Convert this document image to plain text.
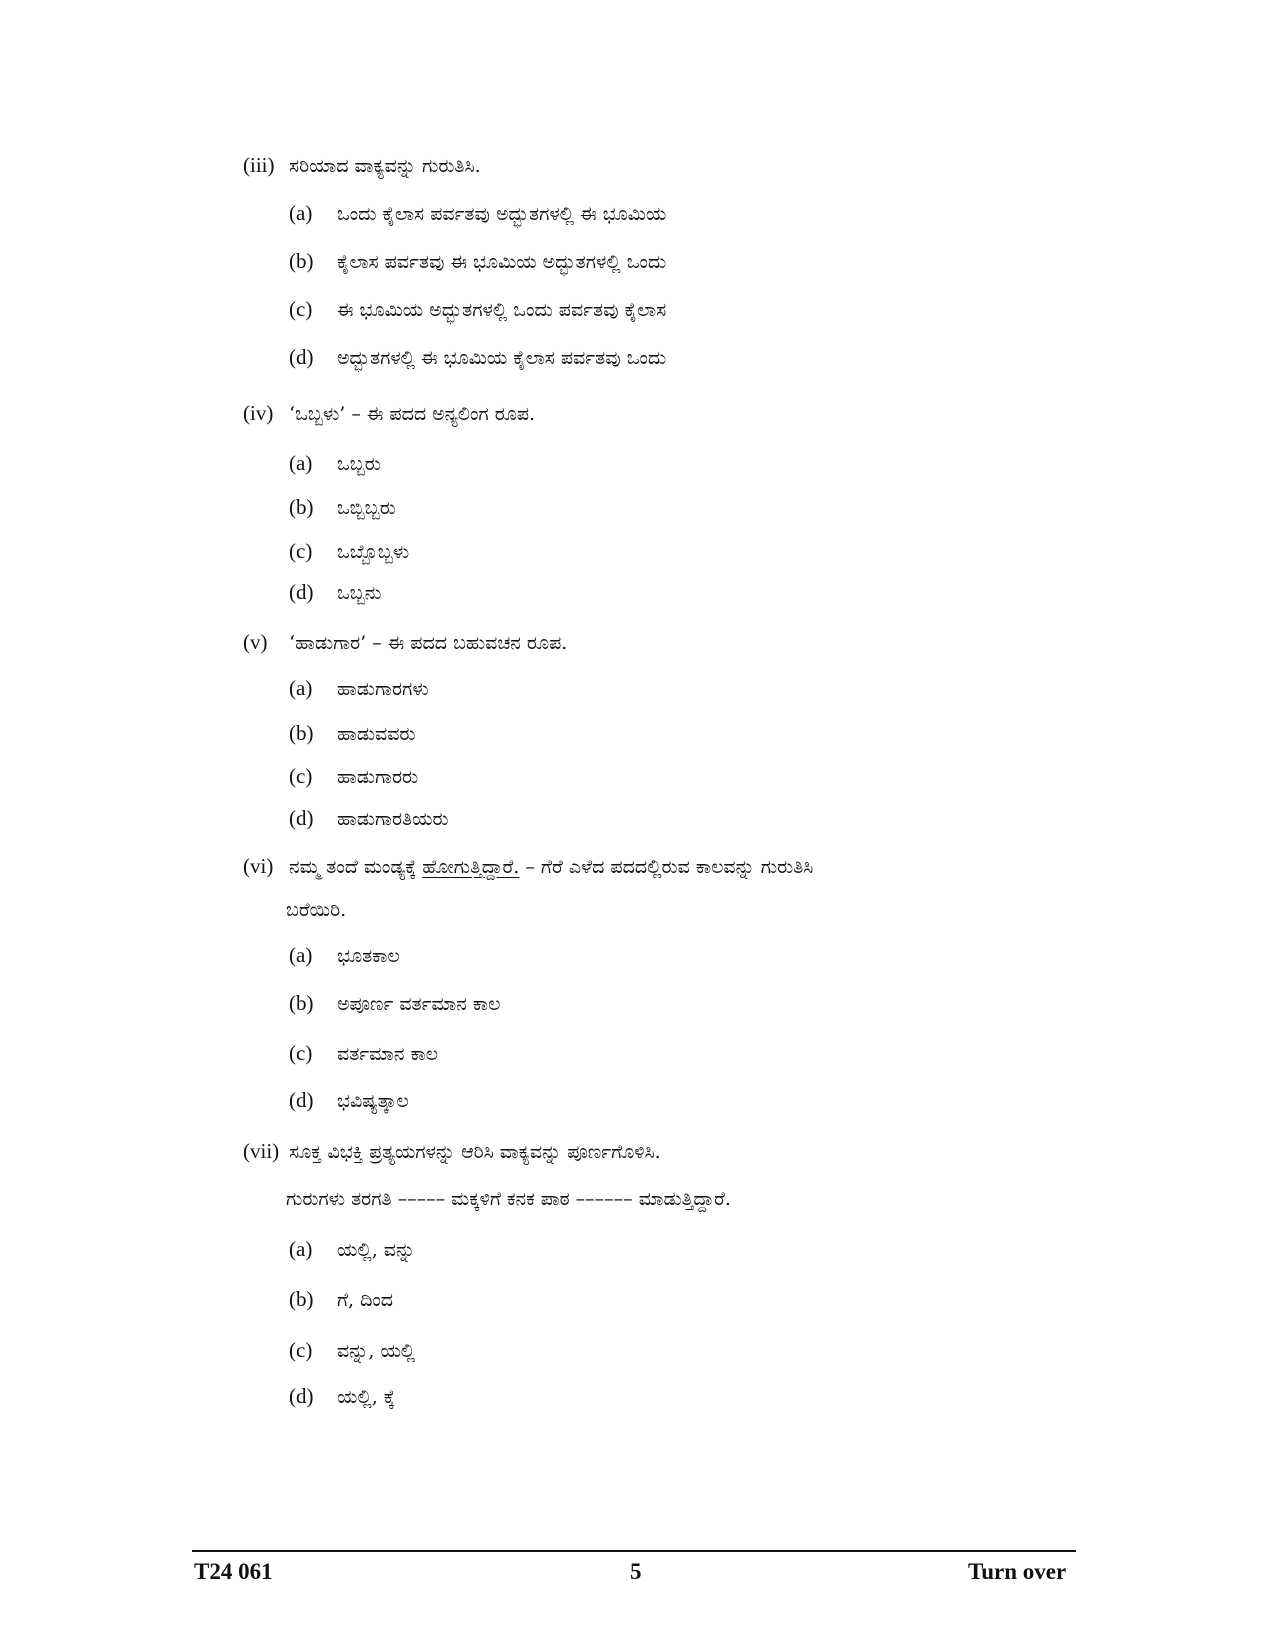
(iii) ಸರಿಯಾದ ವಾಕ್ಯವನ್ನು ಗುರುತಿಸಿ.
(a) ಒಂದು ಕೈಲಾಸ ಪರ್ವತವು ಅದ್ಭುತಗಳಲ್ಲಿ ಈ ಭೂಮಿಯ
(b) ಕೈಲಾಸ ಪರ್ವತವು ಈ ಭೂಮಿಯ ಅದ್ಭುತಗಳಲ್ಲಿ ಒಂದು
(c) ಈ ಭೂಮಿಯ ಅದ್ಭುತಗಳಲ್ಲಿ ಒಂದು ಪರ್ವತವು ಕೈಲಾಸ
(d) ಅದ್ಭುತಗಳಲ್ಲಿ ಈ ಭೂಮಿಯ ಕೈಲಾಸ ಪರ್ವತವು ಒಂದು
(iv) ‘ಒಬ್ಬಳು’ – ಈ ಪದದ ಅನ್ಯಲಿಂಗ ರೂಪ.
(a) ಒಬ್ಬರು
(b) ಒಬ್ಬಿಬ್ಬರು
(c) ಒಬ್ಬೊಬ್ಬಳು
(d) ಒಬ್ಬನು
(v) ‘ಹಾಡುಗಾರ’ – ಈ ಪದದ ಬಹುವಚನ ರೂಪ.
(a) ಹಾಡುಗಾರಗಳು
(b) ಹಾಡುವವರು
(c) ಹಾಡುಗಾರರು
(d) ಹಾಡುಗಾರತಿಯರು
(vi) ನಮ್ಮ ತಂದೆ ಮಂಡ್ಯಕ್ಕೆ ಹೋಗುತ್ತಿದ್ದಾರೆ. – ಗೆರೆ ಎಳೆದ ಪದದಲ್ಲಿರುವ ಕಾಲವನ್ನು ಗುರುತಿಸಿ
ಬರೆಯಿರಿ.
(a) ಭೂತಕಾಲ
(b) ಅಪೂರ್ಣ ವರ್ತಮಾನ ಕಾಲ
(c) ವರ್ತಮಾನ ಕಾಲ
(d) ಭವಿಷ್ಯತ್ಕಾಲ
(vii) ಸೂಕ್ತ ವಿಭಕ್ತಿ ಪ್ರತ್ಯಯಗಳನ್ನು ಆರಿಸಿ ವಾಕ್ಯವನ್ನು ಪೂರ್ಣಗೊಳಿಸಿ.
ಗುರುಗಳು ತರಗತಿ ––––– ಮಕ್ಕಳಿಗೆ ಕನಕ ಪಾಠ –––––– ಮಾಡುತ್ತಿದ್ದಾರೆ.
(a) ಯಲ್ಲಿ, ವನ್ನು
(b) ಗೆ, ದಿಂದ
(c) ವನ್ನು, ಯಲ್ಲಿ
(d) ಯಲ್ಲಿ, ಕ್ಕೆ
T24 061	5	Turn over
